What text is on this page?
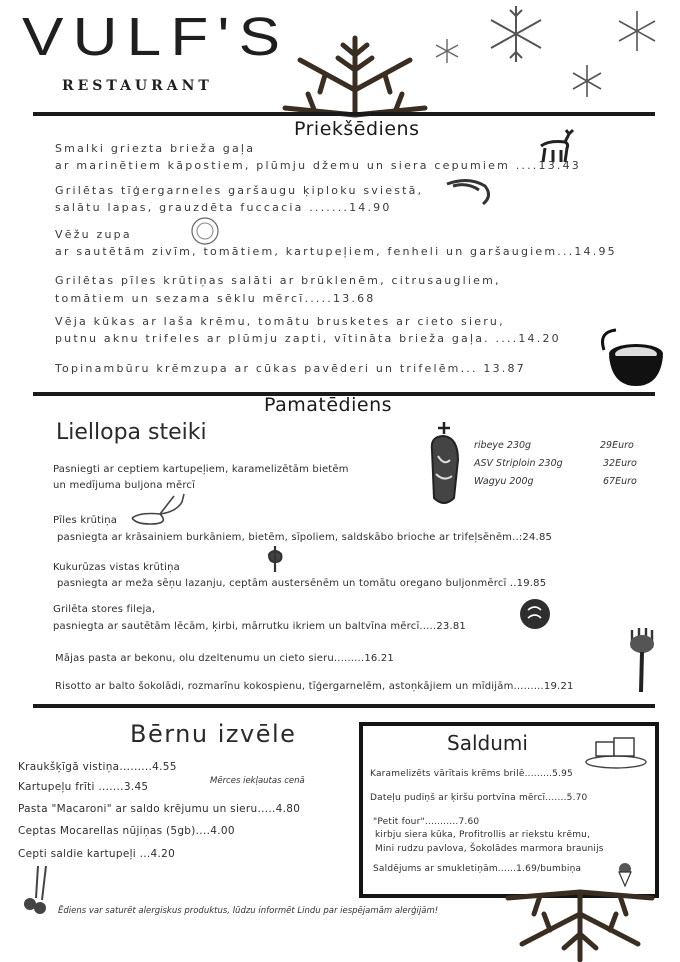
VULF'S
RESTAURANT
Priekšēdiens
Smalki griezta brieža gaļa
ar marinētiem kāpostiem, plūmju džemu un siera cepumiem ....13.43
Grilētas tīģergarneles garšaugu ķiploku sviestā,
salātu lapas, grauzdēta fuccacia .......14.90
Vēžu zupa
ar sautētām zivīm, tomātiem, kartupeļiem, fenheli un garšaugiem...14.95
Grilētas pīles krūtiņas salāti ar brūklenēm, citrusaugliem,
tomātiem un sezama sēklu mērcī.....13.68
Vēja kūkas ar laša krēmu, tomātu brusketes ar cieto sieru,
putnu aknu trifeles ar plūmju zapti, vītināta brieža gaļa. ....14.20
Topinambūru krēmzupa ar cūkas pavēderi un trifelēm... 13.87
Pamatēdiens
Liellopa steiki
ribeye 230g	29Euro
ASV Striploin 230g	32Euro
Wagyu 200g	67Euro
Pasniegti ar ceptiem kartupeļiem, karamelizētām bietēm
un medījuma buljona mērcī
Pīles krūtiņa
pasniegta ar krāsainiem burkāniem, bietēm, sīpoliem, saldskābo brioche ar trifeļsēnēm..:24.85
Kukurūzas vistas krūtiņa
pasniegta ar meža sēņu lazanju, ceptām austersēnēm un tomātu oregano buljonmērcī ..19.85
Grilēta stores fileja,
pasniegta ar sautētām lēcām, ķirbi, mārrutku ikriem un baltvīna mērcī.....23.81
Mājas pasta ar bekonu, olu dzeltenumu un cieto sieru.........16.21
Risotto ar balto šokolādi, rozmarīnu kokospienu, tīģergarnelēm, astoņkājiem un mīdijām.........19.21
Bērnu izvēle
Kraukšķīgā vistiņa.........4.55
Kartupeļu frīti .......3.45	Mērces iekļautas cenā
Pasta "Macaroni" ar saldo krējumu un sieru.....4.80
Ceptas Mocarellas nūjiņas (5gb)....4.00
Cepti saldie kartupeļi ...4.20
Saldumi
Karamelizēts vārītais krēms brilē.........5.95
Dateļu pudiņš ar ķiršu portvīna mērcī.......5.70
"Petit four"...........7.60
kirbju siera kūka, Profitrollis ar riekstu krēmu,
Mini rudzu pavlova, Šokolādes marmora braunijs
Saldējums ar smukletiņām......1.69/bumbiņa
Ēdiens var saturēt alergiskus produktus, lūdzu informēt Lindu par iespējamām alerģijām!
